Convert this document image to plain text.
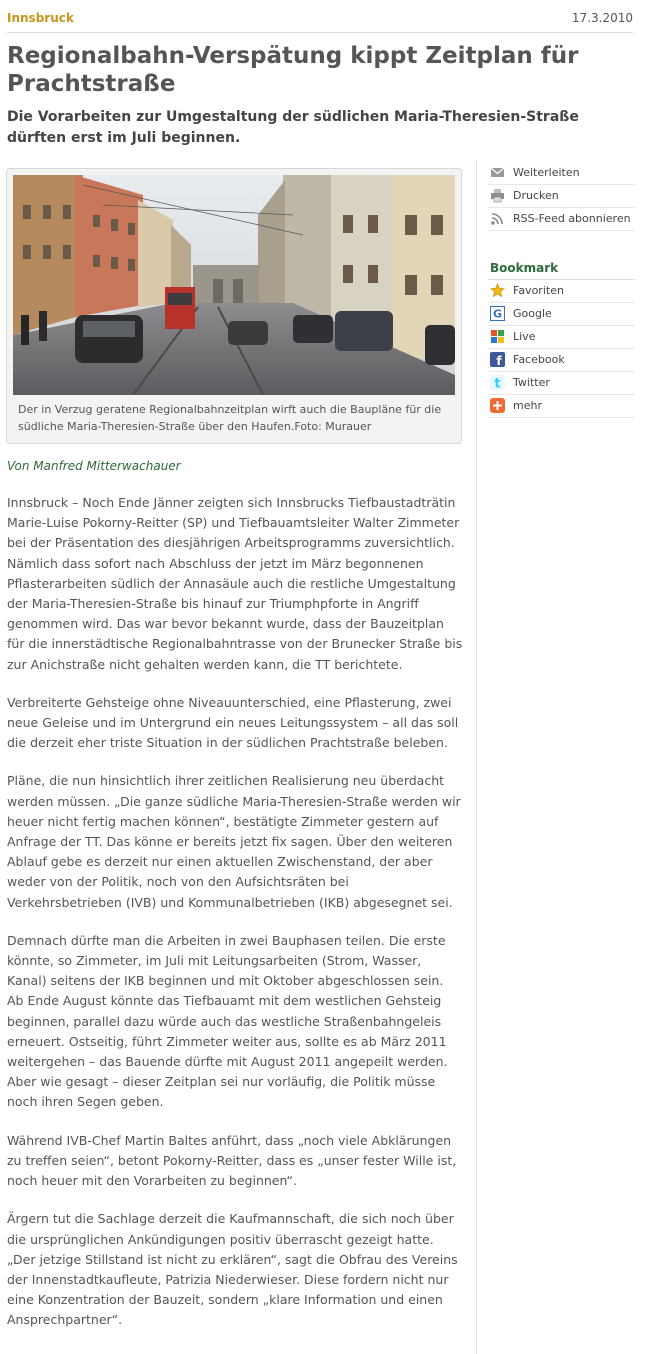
Innsbruck	17.3.2010
Regionalbahn-Verspätung kippt Zeitplan für Prachtstraße

Die Vorarbeiten zur Umgestaltung der südlichen Maria-Theresien-Straße dürften erst im Juli beginnen.

Der in Verzug geratene Regionalbahnzeitplan wirft auch die Baupläne für die südliche Maria-Theresien-Straße über den Haufen.Foto: Murauer
Von Manfred Mitterwachauer

Innsbruck – Noch Ende Jänner zeigten sich Innsbrucks Tiefbaustadträtin Marie-Luise Pokorny-Reitter (SP) und Tiefbauamtsleiter Walter Zimmeter bei der Präsentation des diesjährigen Arbeitsprogramms zuversichtlich. Nämlich dass sofort nach Abschluss der jetzt im März begonnenen Pflasterarbeiten südlich der Annasäule auch die restliche Umgestaltung der Maria-Theresien-Straße bis hinauf zur Triumphpforte in Angriff genommen wird. Das war bevor bekannt wurde, dass der Bauzeitplan für die innerstädtische Regionalbahntrasse von der Brunecker Straße bis zur Anichstraße nicht gehalten werden kann, die TT berichtete.

Verbreiterte Gehsteige ohne Niveauunterschied, eine Pflasterung, zwei neue Geleise und im Untergrund ein neues Leitungssystem – all das soll die derzeit eher triste Situation in der südlichen Prachtstraße beleben.

Pläne, die nun hinsichtlich ihrer zeitlichen Realisierung neu überdacht werden müssen. „Die ganze südliche Maria-Theresien-Straße werden wir heuer nicht fertig machen können“, bestätigte Zimmeter gestern auf Anfrage der TT. Das könne er bereits jetzt fix sagen. Über den weiteren Ablauf gebe es derzeit nur einen aktuellen Zwischenstand, der aber weder von der Politik, noch von den Aufsichtsräten bei Verkehrsbetrieben (IVB) und Kommunalbetrieben (IKB) abgesegnet sei.

Demnach dürfte man die Arbeiten in zwei Bauphasen teilen. Die erste könnte, so Zimmeter, im Juli mit Leitungsarbeiten (Strom, Wasser, Kanal) seitens der IKB beginnen und mit Oktober abgeschlossen sein. Ab Ende August könnte das Tiefbauamt mit dem westlichen Gehsteig beginnen, parallel dazu würde auch das westliche Straßenbahngeleis erneuert. Ostseitig, führt Zimmeter weiter aus, sollte es ab März 2011 weitergehen – das Bauende dürfte mit August 2011 angepeilt werden. Aber wie gesagt – dieser Zeitplan sei nur vorläufig, die Politik müsse noch ihren Segen geben.

Während IVB-Chef Martin Baltes anführt, dass „noch viele Abklärungen zu treffen seien“, betont Pokorny-Reitter, dass es „unser fester Wille ist, noch heuer mit den Vorarbeiten zu beginnen“.

Ärgern tut die Sachlage derzeit die Kaufmannschaft, die sich noch über die ursprünglichen Ankündigungen positiv überrascht gezeigt hatte. „Der jetzige Stillstand ist nicht zu erklären“, sagt die Obfrau des Vereins der Innenstadtkaufleute, Patrizia Niederwieser. Diese fordern nicht nur eine Konzentration der Bauzeit, sondern „klare Information und einen Ansprechpartner“.

Weiterleiten
Drucken
RSS-Feed abonnieren
Bookmark
Favoriten
G Google
Live
f Facebook
t Twitter
mehr
